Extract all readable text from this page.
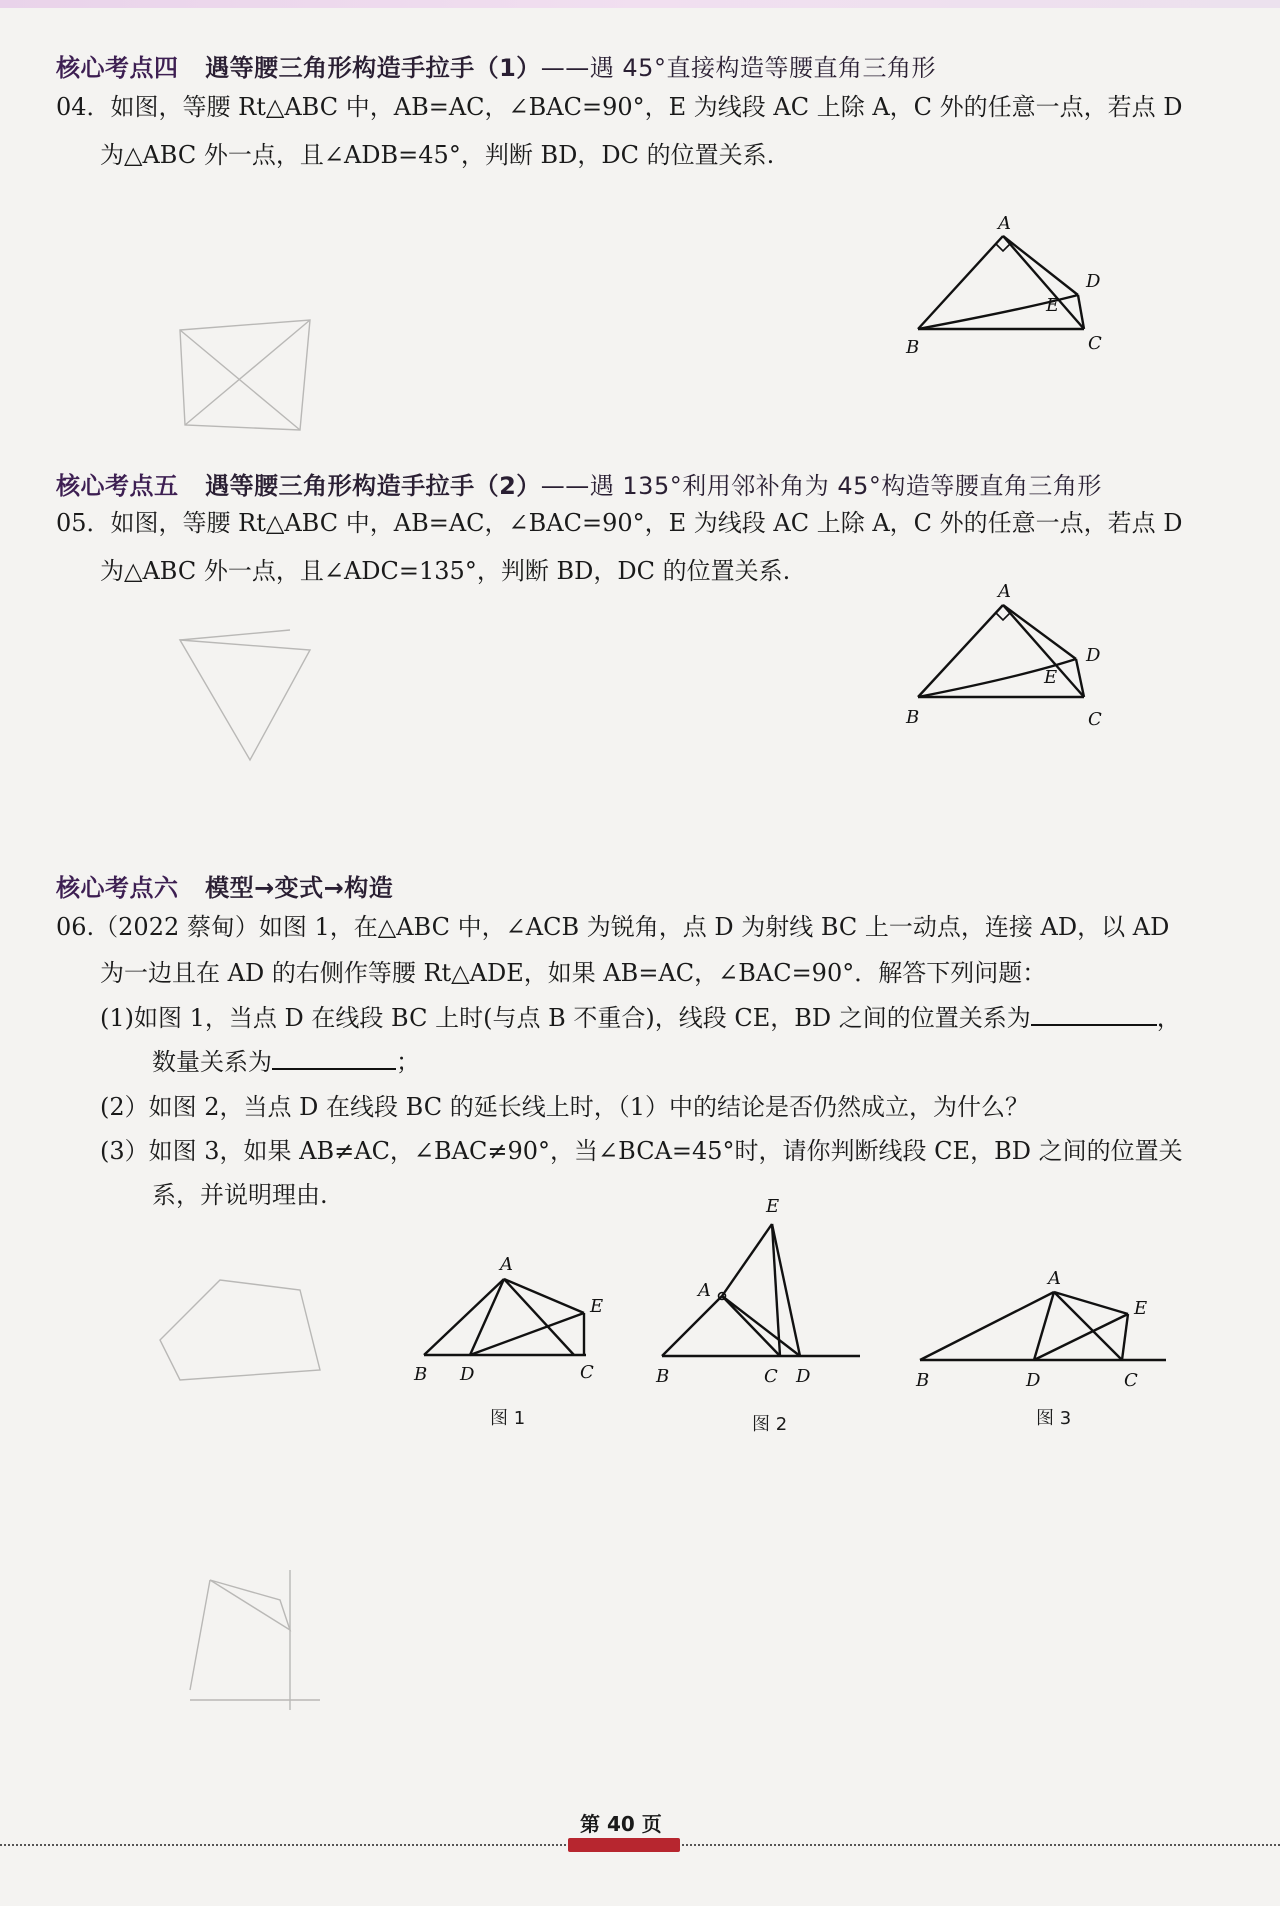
核心考点四 遇等腰三角形构造手拉手（1）——遇 45°直接构造等腰直角三角形
04．如图，等腰 Rt△ABC 中，AB=AC，∠BAC=90°，E 为线段 AC 上除 A，C 外的任意一点，若点 D
为△ABC 外一点，且∠ADB=45°，判断 BD，DC 的位置关系.
A
B	C
D
E
核心考点五 遇等腰三角形构造手拉手（2）——遇 135°利用邻补角为 45°构造等腰直角三角形
05．如图，等腰 Rt△ABC 中，AB=AC，∠BAC=90°，E 为线段 AC 上除 A，C 外的任意一点，若点 D
为△ABC 外一点，且∠ADC=135°，判断 BD，DC 的位置关系.
A
B	C
D
E
核心考点六 模型→变式→构造
06.（2022 蔡甸）如图 1，在△ABC 中，∠ACB 为锐角，点 D 为射线 BC 上一动点，连接 AD，以 AD
为一边且在 AD 的右侧作等腰 Rt△ADE，如果 AB=AC，∠BAC=90°．解答下列问题：
(1)如图 1，当点 D 在线段 BC 上时(与点 B 不重合)，线段 CE，BD 之间的位置关系为	，
数量关系为	；
(2）如图 2，当点 D 在线段 BC 的延长线上时，（1）中的结论是否仍然成立，为什么？
(3）如图 3，如果 AB≠AC，∠BAC≠90°，当∠BCA=45°时，请你判断线段 CE，BD 之间的位置关
系，并说明理由.
A
B D	C
E
图 1
E
A
B	C D
图 2
A
B	D	C
E
图 3
第 40 页
